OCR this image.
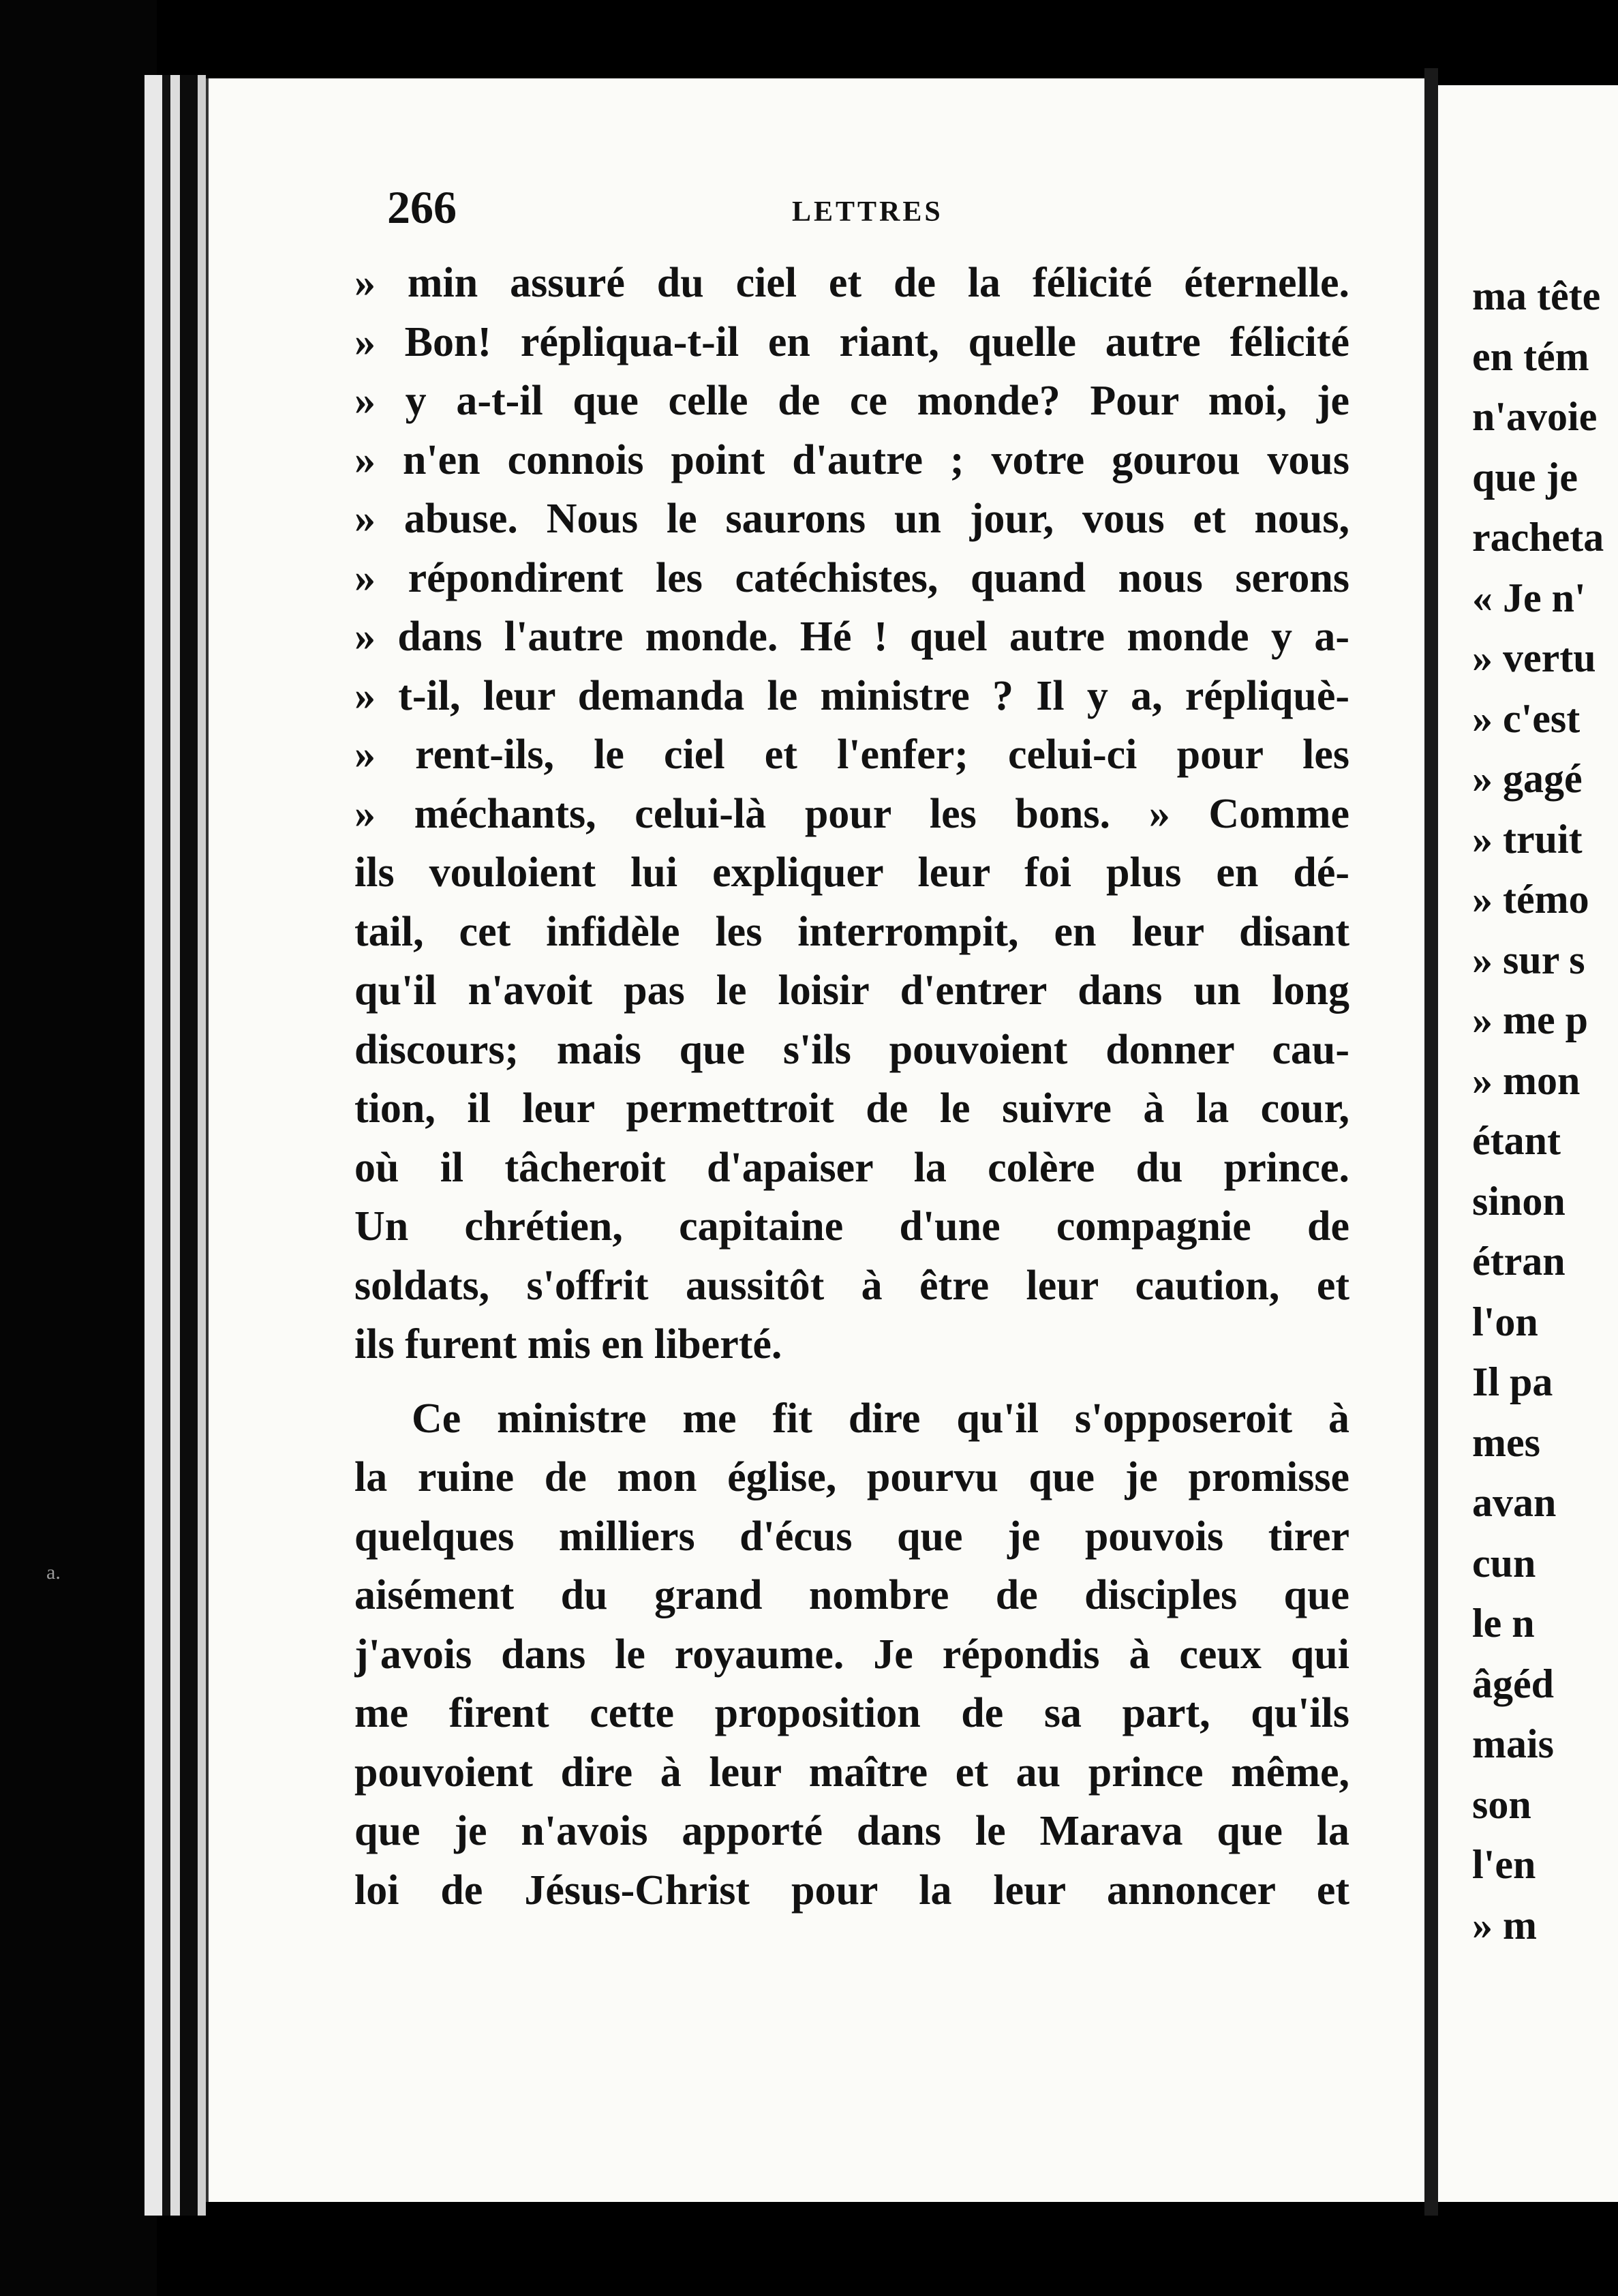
a.
266	LETTRES
» min assuré du ciel et de la félicité éternelle.
» Bon! répliqua-t-il en riant, quelle autre félicité
» y a-t-il que celle de ce monde? Pour moi, je
» n'en connois point d'autre ; votre gourou vous
» abuse. Nous le saurons un jour, vous et nous,
» répondirent les catéchistes, quand nous serons
» dans l'autre monde. Hé ! quel autre monde y a-
» t-il, leur demanda le ministre ? Il y a, répliquè-
» rent-ils, le ciel et l'enfer; celui-ci pour les
» méchants, celui-là pour les bons. » Comme
ils vouloient lui expliquer leur foi plus en dé-
tail, cet infidèle les interrompit, en leur disant
qu'il n'avoit pas le loisir d'entrer dans un long
discours; mais que s'ils pouvoient donner cau-
tion, il leur permettroit de le suivre à la cour,
où il tâcheroit d'apaiser la colère du prince.
Un chrétien, capitaine d'une compagnie de
soldats, s'offrit aussitôt à être leur caution, et
ils furent mis en liberté.
Ce ministre me fit dire qu'il s'opposeroit à
la ruine de mon église, pourvu que je promisse
quelques milliers d'écus que je pouvois tirer
aisément du grand nombre de disciples que
j'avois dans le royaume. Je répondis à ceux qui
me firent cette proposition de sa part, qu'ils
pouvoient dire à leur maître et au prince même,
que je n'avois apporté dans le Marava que la
loi de Jésus-Christ pour la leur annoncer et
ma tête
en tém
n'avoie
que je
racheta
« Je n'
» vertu
» c'est
» gagé
» truit
» témo
» sur s
» me p
» mon
étant
sinon
étran
l'on
Il pa
mes
avan
cun
le n
âgéd
mais
son
l'en
» m
